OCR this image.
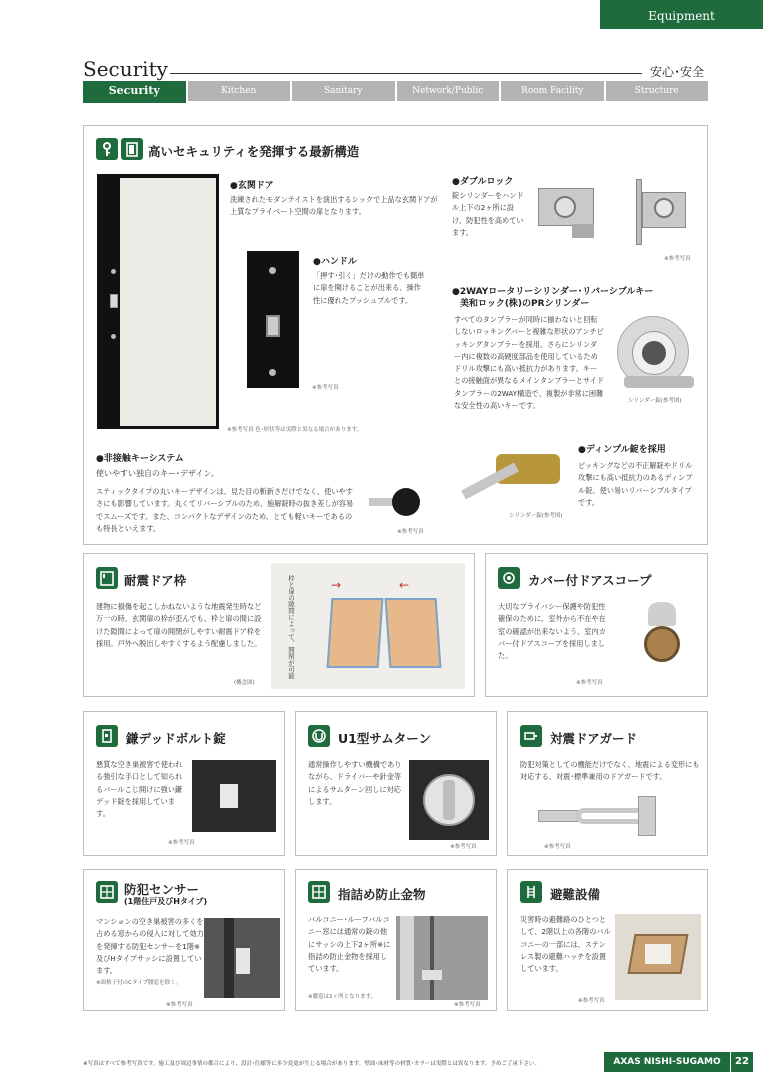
Equipment
Security	安心･安全
Security	Kitchen	Sanitary	Network/Public	Room Facility	Structure
高いセキュリティを発揮する最新構造
●玄関ドア
洗練されたモダンテイストを演出するシックで上品な玄関ドアが上質なプライベート空間の扉となります。
●ハンドル
「押す･引く」だけの動作でも簡単に扉を開けることが出来る、操作性に優れたプッシュプルです。
※参考写真
※参考写真 色･形状等は実際と異なる場合があります。
●ダブルロック
錠シリンダーをハンドル上下の2ヶ所に設け、防犯性を高めています。
※参考写真
●2WAYロータリーシリンダー･リバーシブルキー
美和ロック(株)のPRシリンダー
すべてのタンブラーが同時に揃わないと回転しないロッキングバーと複雑な形状のアンチピッキングタンブラーを採用。さらにシリンダー内に複数の高硬度部品を使用しているためドリル攻撃にも高い抵抗力があります。キーとの接触面が異なるメインタンブラーとサイドタンブラーの2WAY構造で、複製が非常に困難な安全性の高いキーです。
シリンダー錠(参考図)
●非接触キーシステム
使いやすい独自のキー･デザイン。
スティックタイプの丸いキーデザインは、見た目の斬新さだけでなく、使いやすさにも影響しています。丸くてリバーシブルのため、施解錠時の抜き差しが容易でスムーズです。また、コンパクトなデザインのため、とても軽いキーであるのも特長といえます。	※参考写真
シリンダー錠(参考図)
●ディンプル錠を採用
ピッキングなどの不正解錠やドリル攻撃にも高い抵抗力のあるディンプル錠。使い易いリバーシブルタイプです。
耐震ドア枠
建物に損傷を起こしかねないような地震発生時など万一の時、玄関扉の枠が歪んでも、枠と扉の間に設けた隙間によって扉の開閉がしやすい耐震ドア枠を採用。戸外へ脱出しやすくするよう配慮しました。	枠と扉の隙間によって、開閉が可能	→	←
(概念図)
カバー付ドアスコープ
大切なプライバシー保護や防犯性確保のために、室外から不在や在室の確認が出来ないよう、室内カバー付ドアスコープを採用しました。
※参考写真
鎌デッドボルト錠
悪質な空き巣被害で使われる強引な手口として知られるバールこじ開けに強い鎌デッド錠を採用しています。
※参考写真
U1型サムターン
通常操作しやすい機構でありながら、ドライバーや針金等によるサムターン回しに対応します。
※参考写真
対震ドアガード
防犯対策としての機能だけでなく、地震による変形にも対応する、対震･標準兼用のドアガードです。
※参考写真
防犯センサー
(1階住戸及びHタイプ)
マンションの空き巣被害の多くを占める窓からの侵入に対して効力を発揮する防犯センサーを1階※及びHタイプサッシに設置しています。
※面格子付のCタイプ腰窓を除く。
※参考写真
指詰め防止金物
バルコニー･ルーフバルコニー窓には通常の錠の他にサッシの上下2ヶ所※に指詰め防止金物を採用しています。
※腰窓は1ヶ所となります。
※参考写真
避難設備
災害時の避難路のひとつとして、2階以上の各階のバルコニーの一部には、ステンレス製の避難ハッチを設置しています。
※参考写真
※写真はすべて参考写真です。施工及び周辺事情の都合により、設計･仕様等に多少変更が生じる場合があります。壁面･床材等の材質･カラーは実際とは異なります。予めご了承下さい。	AXAS NISHI-SUGAMO	22
